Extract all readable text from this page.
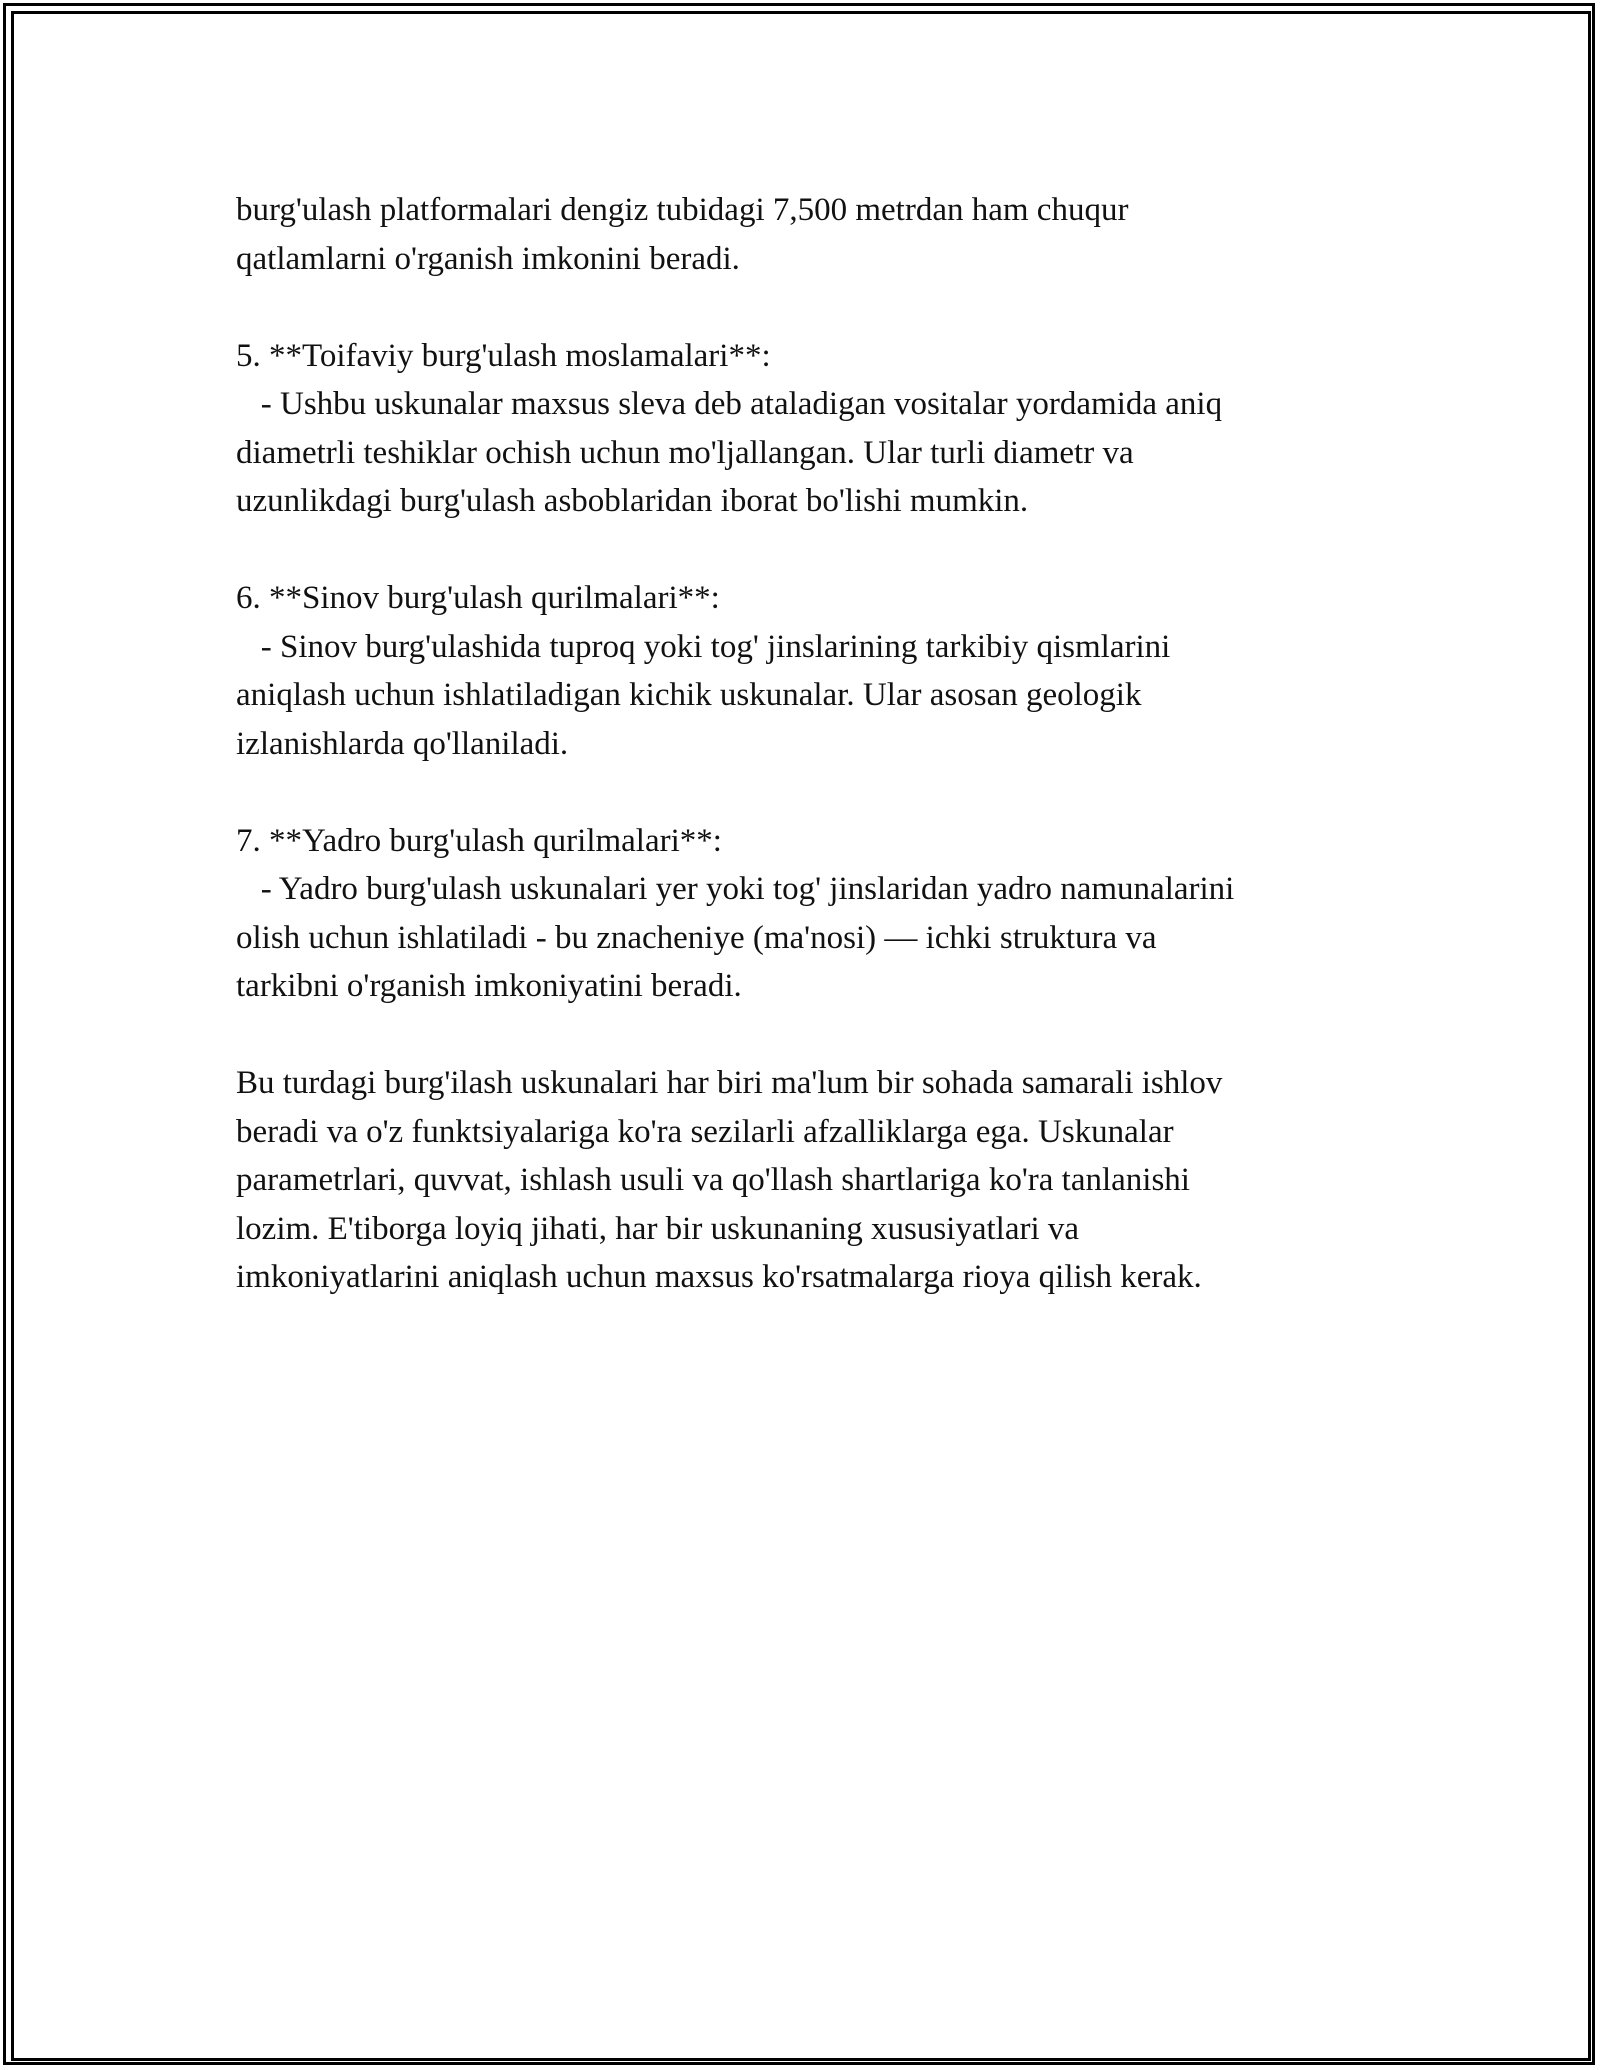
burg'ulash platformalari dengiz tubidagi 7,500 metrdan ham chuqur
qatlamlarni o'rganish imkonini beradi.

5. **Toifaviy burg'ulash moslamalari**:

- Ushbu uskunalar maxsus sleva deb ataladigan vositalar yordamida aniq
diametrli teshiklar ochish uchun mo'ljallangan. Ular turli diametr va
uzunlikdagi burg'ulash asboblaridan iborat bo'lishi mumkin.

6. **Sinov burg'ulash qurilmalari**:

- Sinov burg'ulashida tuproq yoki tog' jinslarining tarkibiy qismlarini
aniqlash uchun ishlatiladigan kichik uskunalar. Ular asosan geologik
izlanishlarda qo'llaniladi.

7. **Yadro burg'ulash qurilmalari**:

- Yadro burg'ulash uskunalari yer yoki tog' jinslaridan yadro namunalarini
olish uchun ishlatiladi - bu znacheniye (ma'nosi) — ichki struktura va
tarkibni o'rganish imkoniyatini beradi.

Bu turdagi burg'ilash uskunalari har biri ma'lum bir sohada samarali ishlov
beradi va o'z funktsiyalariga ko'ra sezilarli afzalliklarga ega. Uskunalar
parametrlari, quvvat, ishlash usuli va qo'llash shartlariga ko'ra tanlanishi
lozim. E'tiborga loyiq jihati, har bir uskunaning xususiyatlari va
imkoniyatlarini aniqlash uchun maxsus ko'rsatmalarga rioya qilish kerak.
